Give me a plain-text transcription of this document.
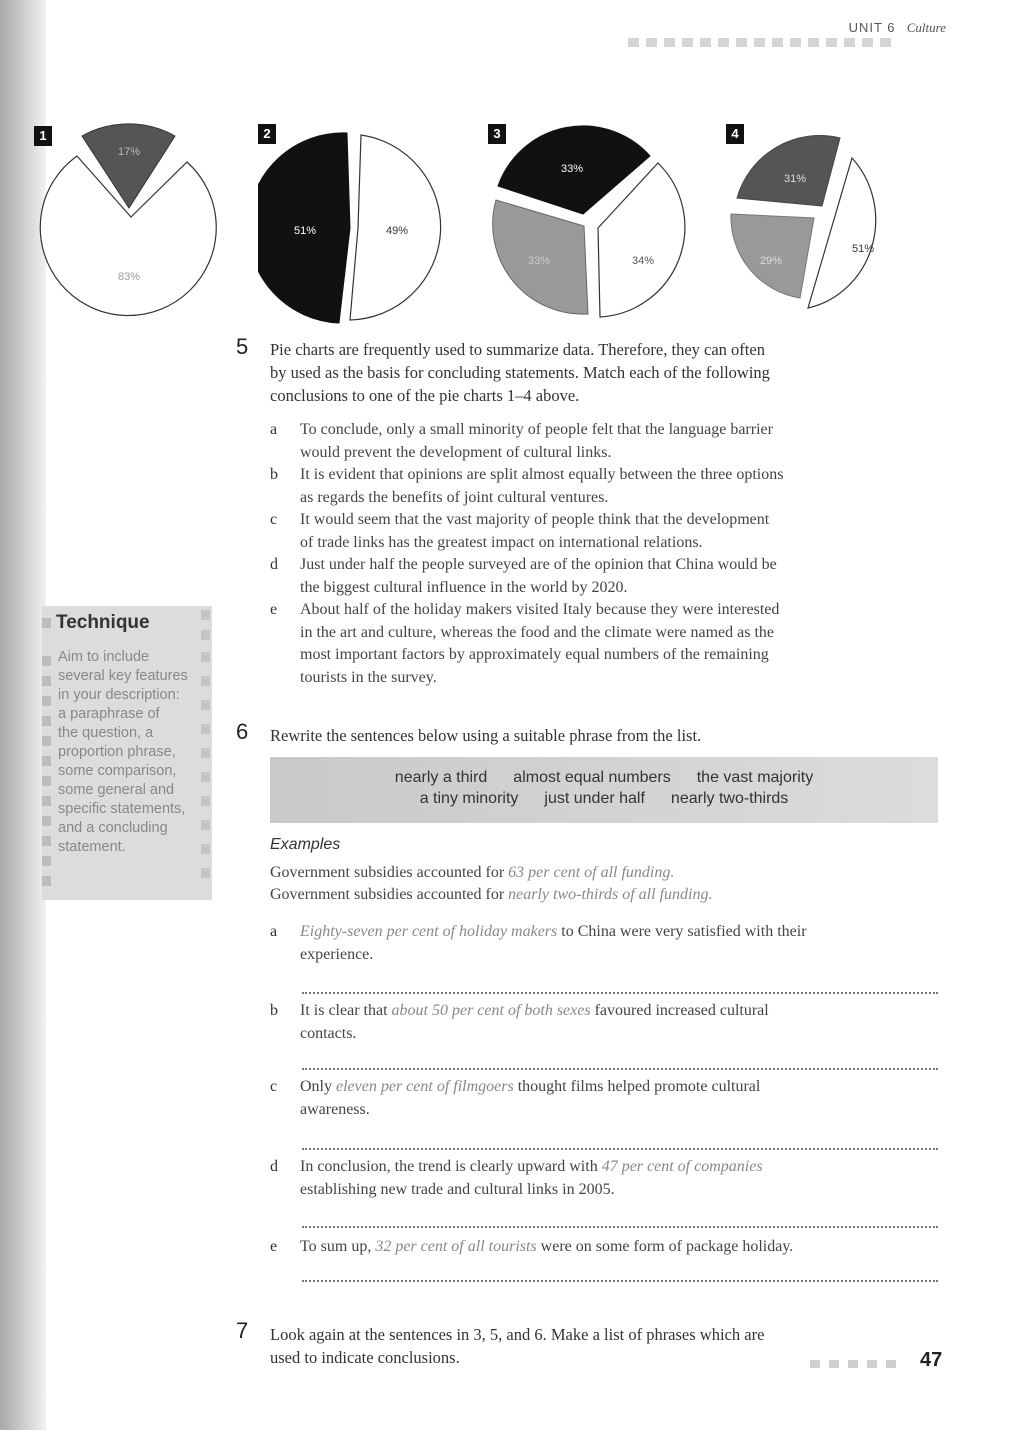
UNIT 6 Culture
1
17%
83%
2
51%	49%
3
33%
33%	34%
4
31%
29%
51%
5 Pie charts are frequently used to summarize data. Therefore, they can often
by used as the basis for concluding statements. Match each of the following
conclusions to one of the pie charts 1–4 above.
a	To conclude, only a small minority of people felt that the language barrier
would prevent the development of cultural links.
b	It is evident that opinions are split almost equally between the three options
as regards the benefits of joint cultural ventures.
c	It would seem that the vast majority of people think that the development
of trade links has the greatest impact on international relations.
d	Just under half the people surveyed are of the opinion that China would be
the biggest cultural influence in the world by 2020.
e	About half of the holiday makers visited Italy because they were interested
in the art and culture, whereas the food and the climate were named as the
most important factors by approximately equal numbers of the remaining
tourists in the survey.
Technique
Aim to include
several key features
in your description:
a paraphrase of
the question, a
proportion phrase,
some comparison,
some general and
specific statements,
and a concluding
statement.
6 Rewrite the sentences below using a suitable phrase from the list.
nearly a third almost equal numbers the vast majority
a tiny minority just under half nearly two-thirds
Examples
Government subsidies accounted for 63 per cent of all funding.
Government subsidies accounted for nearly two-thirds of all funding.
a	Eighty-seven per cent of holiday makers to China were very satisfied with their
experience.
b	It is clear that about 50 per cent of both sexes favoured increased cultural
contacts.
c	Only eleven per cent of filmgoers thought films helped promote cultural
awareness.
d	In conclusion, the trend is clearly upward with 47 per cent of companies
establishing new trade and cultural links in 2005.
e	To sum up, 32 per cent of all tourists were on some form of package holiday.
7 Look again at the sentences in 3, 5, and 6. Make a list of phrases which are
used to indicate conclusions.	47
